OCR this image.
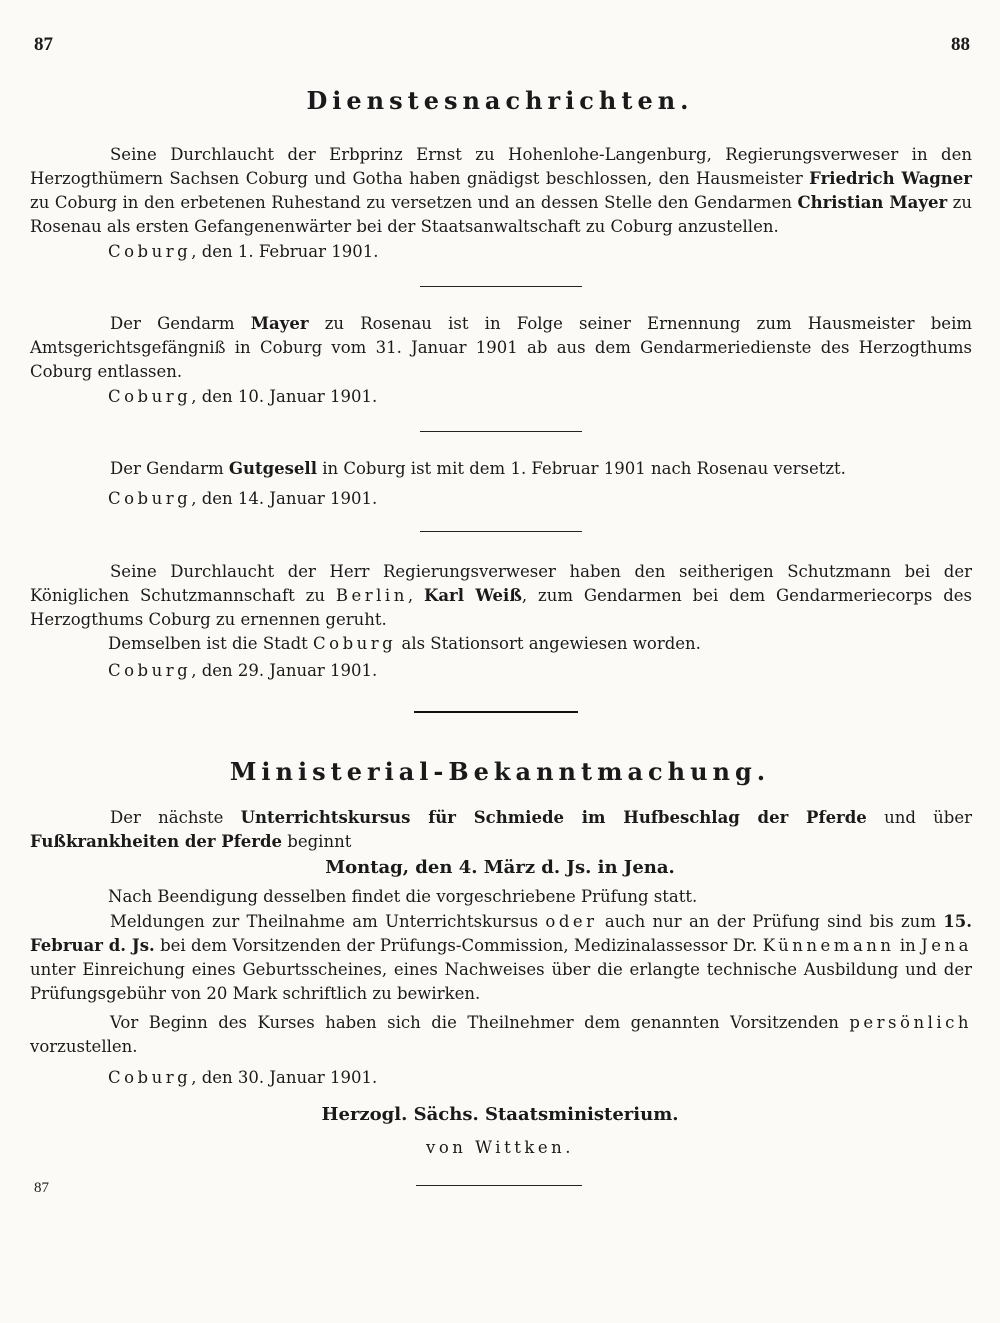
87	88
Dienstesnachrichten.
Seine Durchlaucht der Erbprinz Ernst zu Hohenlohe-Langenburg, Regierungsverweser in den Herzogthümern Sachsen Coburg und Gotha haben gnädigst beschlossen, den Hausmeister Friedrich Wagner zu Coburg in den erbetenen Ruhestand zu versetzen und an dessen Stelle den Gendarmen Christian Mayer zu Rosenau als ersten Gefangenenwärter bei der Staatsanwaltschaft zu Coburg anzustellen.
Coburg, den 1. Februar 1901.
Der Gendarm Mayer zu Rosenau ist in Folge seiner Ernennung zum Hausmeister beim Amtsgerichtsgefängniß in Coburg vom 31. Januar 1901 ab aus dem Gendarmeriedienste des Herzogthums Coburg entlassen.
Coburg, den 10. Januar 1901.
Der Gendarm Gutgesell in Coburg ist mit dem 1. Februar 1901 nach Rosenau versetzt.
Coburg, den 14. Januar 1901.
Seine Durchlaucht der Herr Regierungsverweser haben den seitherigen Schutzmann bei der Königlichen Schutzmannschaft zu Berlin, Karl Weiß, zum Gendarmen bei dem Gendarmeriecorps des Herzogthums Coburg zu ernennen geruht.
Demselben ist die Stadt Coburg als Stationsort angewiesen worden.
Coburg, den 29. Januar 1901.
Ministerial-Bekanntmachung.
Der nächste Unterrichtskursus für Schmiede im Hufbeschlag der Pferde und über Fußkrankheiten der Pferde beginnt
Montag, den 4. März d. Js. in Jena.
Nach Beendigung desselben findet die vorgeschriebene Prüfung statt.
Meldungen zur Theilnahme am Unterrichtskursus oder auch nur an der Prüfung sind bis zum 15. Februar d. Js. bei dem Vorsitzenden der Prüfungs-Commission, Medizinalassessor Dr. Künnemann in Jena unter Einreichung eines Geburtsscheines, eines Nachweises über die erlangte technische Ausbildung und der Prüfungsgebühr von 20 Mark schriftlich zu bewirken.
Vor Beginn des Kurses haben sich die Theilnehmer dem genannten Vorsitzenden persönlich vorzustellen.
Coburg, den 30. Januar 1901.
Herzogl. Sächs. Staatsministerium.
von Wittken.
87
